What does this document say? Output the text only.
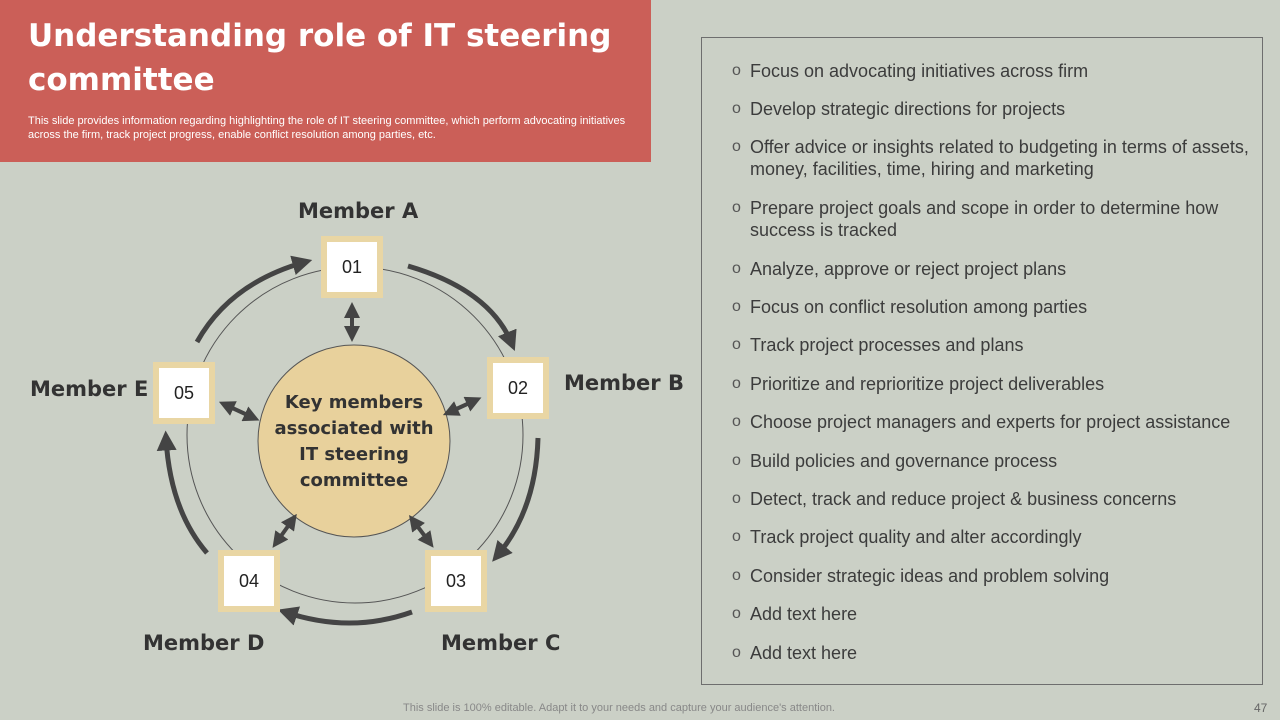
Understanding role of IT steering committee

This slide provides information regarding highlighting the role of IT steering committee, which perform advocating initiatives across the firm, track project progress, enable conflict resolution among parties, etc.

01
02
03
04
05
Member A
Member B
Member C
Member D
Member E
Key members associated with IT steering committee
o Focus on advocating initiatives across firm
o Develop strategic directions for projects
o Offer advice or insights related to budgeting in terms of assets, money, facilities, time, hiring and marketing
o Prepare project goals and scope in order to determine how success is tracked
o Analyze, approve or reject project plans
o Focus on conflict resolution among parties
o Track project processes and plans
o Prioritize and reprioritize project deliverables
o Choose project managers and experts for project assistance
o Build policies and governance process
o Detect, track and reduce project & business concerns
o Track project quality and alter accordingly
o Consider strategic ideas and problem solving
o Add text here
o Add text here
This slide is 100% editable. Adapt it to your needs and capture your audience's attention.	47
